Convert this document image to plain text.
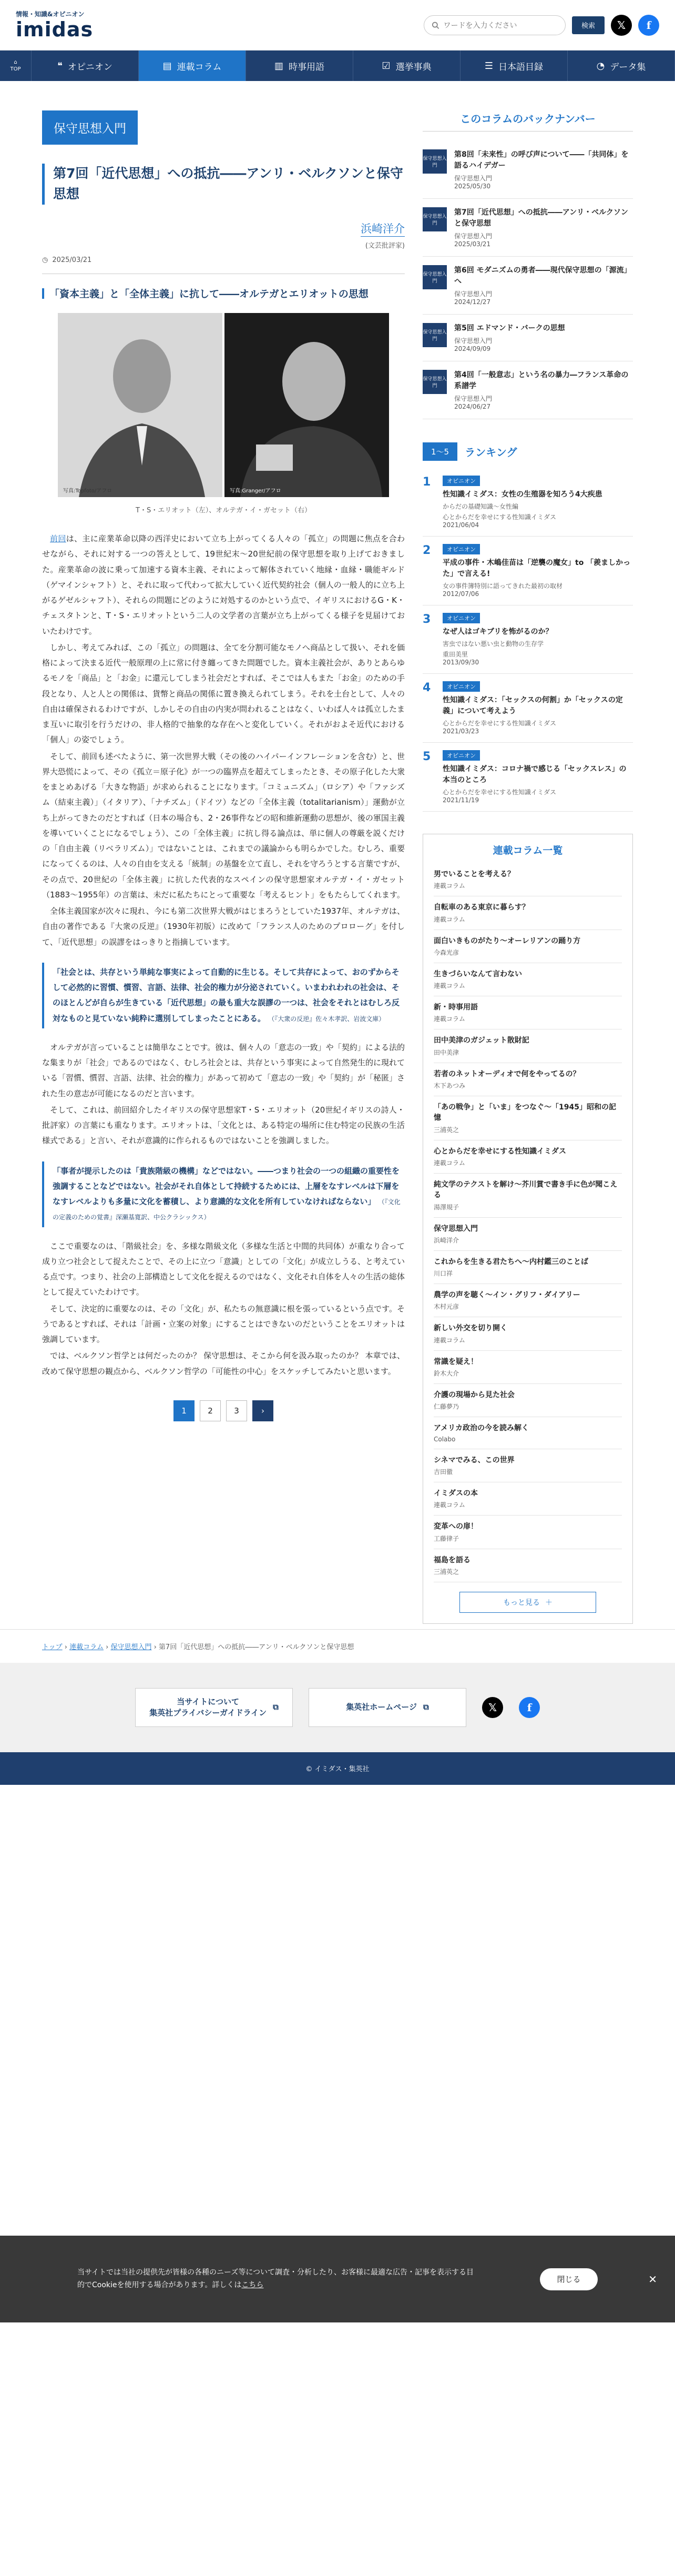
情報・知識&オピニオン
imidas
ワードを入力ください	検索	𝕏	f
⌂
TOP	❝ オピニオン	▤ 連載コラム	▥ 時事用語	☑ 選挙事典	☰ 日本語目録	◔ データ集
保守思想入門
第7回「近代思想」への抵抗――アンリ・ベルクソンと保守思想
浜崎洋介
(文芸批評家)
◷ 2025/03/21
「資本主義」と「全体主義」に抗して――オルテガとエリオットの思想
写真:Topfoto/アフロ	写真:Granger/アフロ

T・S・エリオット（左）、オルテガ・イ・ガセット（右）

前回は、主に産業革命以降の西洋史において立ち上がってくる人々の「孤立」の問題に焦点を合わせながら、それに対する一つの答えとして、19世紀末〜20世紀前の保守思想を取り上げておきました。産業革命の波に乗って加速する資本主義、それによって解体されていく地縁・血縁・職能ギルド（ゲマインシャフト）と、それに取って代わって拡大していく近代契約社会（個人の一般人的に立ち上がるゲゼルシャフト）、それらの問題にどのように対処するのかという点で、イギリスにおけるG・K・チェスタトンと、T・S・エリオットという二人の文学者の言葉が立ち上がってくる様子を見届けておいたわけです。

しかし、考えてみれば、この「孤立」の問題は、全てを分割可能なモノへ商品として扱い、それを価格によって決まる近代一般原理の上に常に付き纏ってきた問題でした。資本主義社会が、ありとあらゆるモノを「商品」と「お金」に還元してしまう社会だとすれば、そこでは人もまた「お金」のための手段となり、人と人との関係は、貨幣と商品の関係に置き換えられてしまう。それを土台として、人々の自由は確保されるわけですが、しかしその自由の内実が問われることはなく、いわば人々は孤立したまま互いに取引を行うだけの、非人格的で抽象的な存在へと変化していく。それがおよそ近代における「個人」の姿でしょう。

そして、前回も述べたように、第一次世界大戦（その後のハイパーインフレーションを含む）と、世界大恐慌によって、その《孤立＝原子化》が一つの臨界点を超えてしまったとき、その原子化した大衆をまとめあげる「大きな物語」が求められることになります。「コミュニズム」（ロシア）や「ファシズム（結束主義）」（イタリア）、「ナチズム」（ドイツ）などの「全体主義（totalitarianism）」運動が立ち上がってきたのだとすれば（日本の場合も、2・26事件などの昭和維新運動の思想が、後の軍国主義を導いていくことになるでしょう）、この「全体主義」に抗し得る論点は、単に個人の尊厳を説くだけの「自由主義（リベラリズム）」ではないことは、これまでの議論からも明らかでした。むしろ、重要になってくるのは、人々の自由を支える「統制」の基盤を立て直し、それを守ろうとする言葉ですが、その点で、20世紀の「全体主義」に抗した代表的なスペインの保守思想家オルテガ・イ・ガセット（1883〜1955年）の言葉は、未だに私たちにとって重要な「考えるヒント」をもたらしてくれます。

全体主義国家が次々に現れ、今にも第二次世界大戦がはじまろうとしていた1937年、オルテガは、自由の著作である『大衆の反逆』（1930年初版）に改めて「フランス人のためのプロローグ」を付して、「近代思想」の誤謬をはっきりと指摘しています。

「社会とは、共存という単純な事実によって自動的に生じる。そして共存によって、おのずからそして必然的に習慣、慣習、言語、法律、社会的権力が分泌されていく。いまわれわれの社会は、そのほとんどが自らが生きている「近代思想」の最も重大な誤謬の一つは、社会をそれとはむしろ反対なものと見ていない純粋に選別してしまったことにある。 （『大衆の反逆』佐々木孝訳、岩波文庫）

オルテガが言っていることは簡単なことです。彼は、個々人の「意志の一致」や「契約」による法的な集まりが「社会」であるのではなく、むしろ社会とは、共存という事実によって自然発生的に現れている「習慣、慣習、言語、法律、社会的権力」があって初めて「意志の一致」や「契約」が「秘匿」された生の意志が可能になるのだと言います。

そして、これは、前回紹介したイギリスの保守思想家T・S・エリオット（20世紀イギリスの詩人・批評家）の言葉にも重なります。エリオットは、「文化とは、ある特定の場所に住む特定の民族の生活様式である」と言い、それが意識的に作られるものではないことを強調しました。

「事者が提示したのは「貴族階級の機構」などではない。――つまり社会の一つの組織の重要性を強調することなどではない。社会がそれ自体として持続するためには、上層をなすレベルは下層をなすレベルよりも多量に文化を蓄積し、より意識的な文化を所有していなければならない」 （『文化の定義のための覚書』深瀬基寛訳、中公クラシックス）

ここで重要なのは、「階級社会」を、多様な階級文化（多様な生活と中間的共同体）が重なり合って成り立つ社会として捉えたことで、その上に立つ「意識」としての「文化」が成立しうる、と考えている点です。つまり、社会の上部構造として文化を捉えるのではなく、文化それ自体を人々の生活の総体として捉えていたわけです。

そして、決定的に重要なのは、その「文化」が、私たちの無意識に根を張っているという点です。そうであるとすれば、それは「計画・立案の対象」にすることはできないのだということをエリオットは強調しています。

では、ベルクソン哲学とは何だったのか？ 保守思想は、そこから何を汲み取ったのか？ 本章では、改めて保守思想の観点から、ベルクソン哲学の「可能性の中心」をスケッチしてみたいと思います。

1	2	3	›
このコラムのバックナンバー
保守思想入門
第8回「未来性」の呼び声について――「共同体」を語るハイデガー
保守思想入門
2025/05/30
保守思想入門
第7回「近代思想」への抵抗――アンリ・ベルクソンと保守思想
保守思想入門
2025/03/21
保守思想入門
第6回 モダニズムの勇者――現代保守思想の「源流」へ
保守思想入門
2024/12/27
保守思想入門
第5回 エドマンド・バークの思想
保守思想入門
2024/09/09
保守思想入門
第4回「一般意志」という名の暴力―フランス革命の系譜学
保守思想入門
2024/06/27
1〜5	ランキング
1	オピニオン
性知識イミダス：女性の生殖器を知ろう4大疾患
からだの基礎知識〜女性編
心とからだを幸せにする性知識イミダス
2021/06/04
2	オピニオン
平成の事件・木嶋佳苗は「逆襲の魔女」to 「羨ましかった」で言える!
女の事件簿特別に語ってきれた最初の取材
2012/07/06
3	オピニオン
なぜ人はゴキブリを怖がるのか？
害虫ではない悪い虫と動物の生存学
重田美里
2013/09/30
4	オピニオン
性知識イミダス：「セックスの何割」か「セックスの定義」について考えよう
心とからだを幸せにする性知識イミダス
2021/03/23
5	オピニオン
性知識イミダス：コロナ禍で感じる「セックスレス」の本当のところ
心とからだを幸せにする性知識イミダス
2021/11/19
連載コラム一覧
男でいることを考える？
連載コラム
自転車のある東京に暮らす？
連載コラム
面白いきものがたり〜オーレリアンの踊り方
今森光彦
生きづらいなんて言わない
連載コラム
新・時事用語
連載コラム
田中美津のガジェット散財記
田中美津
若者のネットオーディオで何をやってるの？
木下あつみ
「あの戦争」と「いま」をつなぐ〜「1945」昭和の記憶
三浦英之
心とからだを幸せにする性知識イミダス
連載コラム
純文学のテクストを解け〜芥川賞で書き手に色が聞こえる
湯澤規子
保守思想入門
浜崎洋介
これからを生きる君たちへ〜内村鑑三のことば
川口祥
農学の声を聴く〜イン・グリフ・ダイアリー
木村元彦
新しい外交を切り開く
連載コラム
常識を疑え！
鈴木大介
介護の現場から見た社会
仁藤夢乃
アメリカ政治の今を読み解く
Colabo
シネマでみる、この世界
吉田徹
イミダスの本
連載コラム
変革への扉！
工藤律子
福島を語る
三浦英之
もっと見る ＋

当サイトでは当社の提供先が皆様の各種のニーズ等について調査・分析したり、お客様に最適な広告・記事を表示する目的でCookieを使用する場合があります。詳しくはこちら

閉じる	✕
トップ › 連載コラム › 保守思想入門 › 第7回「近代思想」への抵抗――アンリ・ベルクソンと保守思想
当サイトについて
集英社プライバシーガイドライン
⧉	集英社ホームページ ⧉	𝕏	f
© イミダス・集英社
